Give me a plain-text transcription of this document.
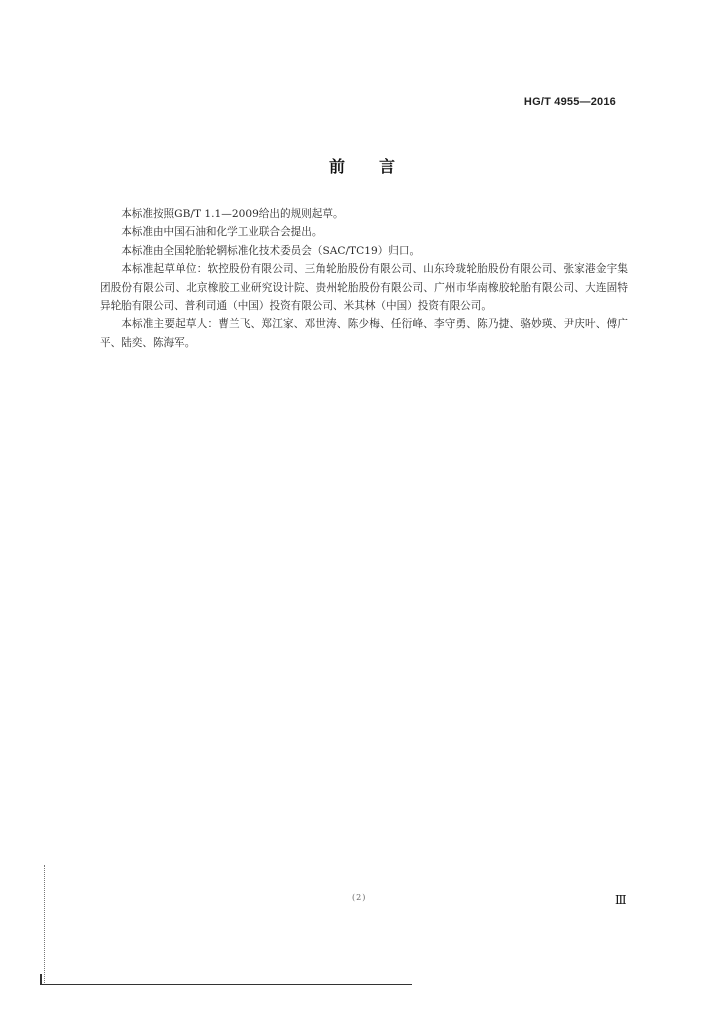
HG/T 4955—2016
前言

本标准按照GB/T 1.1—2009给出的规则起草。

本标准由中国石油和化学工业联合会提出。

本标准由全国轮胎轮辋标准化技术委员会（SAC/TC19）归口。

本标准起草单位：软控股份有限公司、三角轮胎股份有限公司、山东玲珑轮胎股份有限公司、张家港金宇集团股份有限公司、北京橡胶工业研究设计院、贵州轮胎股份有限公司、广州市华南橡胶轮胎有限公司、大连固特异轮胎有限公司、普利司通（中国）投资有限公司、米其林（中国）投资有限公司。

本标准主要起草人：曹兰飞、郑江家、邓世涛、陈少梅、任衍峰、李守勇、陈乃捷、骆妙瑛、尹庆叶、傅广平、陆奕、陈海军。

(2)	Ⅲ
